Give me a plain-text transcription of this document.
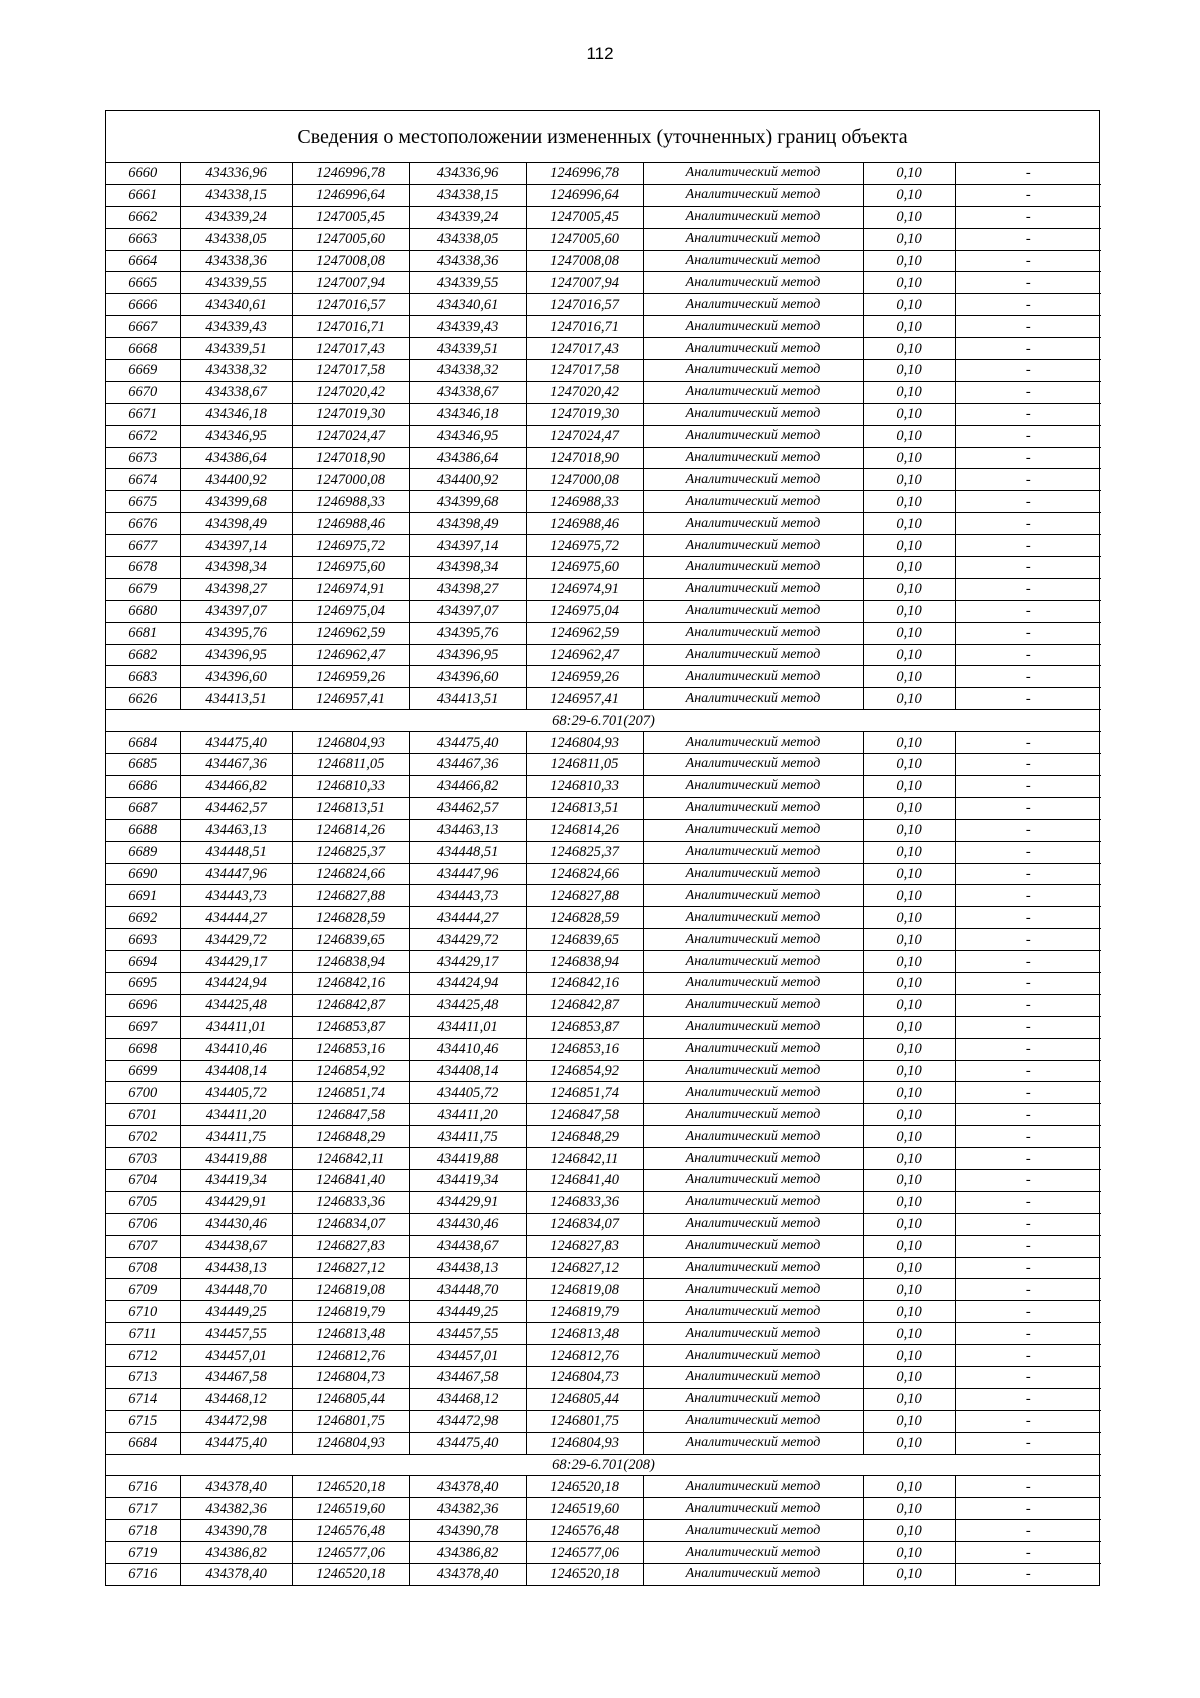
112
Сведения о местоположении измененных (уточненных) границ объекта
6660	434336,96	1246996,78	434336,96	1246996,78	Аналитический метод	0,10	-
6661	434338,15	1246996,64	434338,15	1246996,64	Аналитический метод	0,10	-
6662	434339,24	1247005,45	434339,24	1247005,45	Аналитический метод	0,10	-
6663	434338,05	1247005,60	434338,05	1247005,60	Аналитический метод	0,10	-
6664	434338,36	1247008,08	434338,36	1247008,08	Аналитический метод	0,10	-
6665	434339,55	1247007,94	434339,55	1247007,94	Аналитический метод	0,10	-
6666	434340,61	1247016,57	434340,61	1247016,57	Аналитический метод	0,10	-
6667	434339,43	1247016,71	434339,43	1247016,71	Аналитический метод	0,10	-
6668	434339,51	1247017,43	434339,51	1247017,43	Аналитический метод	0,10	-
6669	434338,32	1247017,58	434338,32	1247017,58	Аналитический метод	0,10	-
6670	434338,67	1247020,42	434338,67	1247020,42	Аналитический метод	0,10	-
6671	434346,18	1247019,30	434346,18	1247019,30	Аналитический метод	0,10	-
6672	434346,95	1247024,47	434346,95	1247024,47	Аналитический метод	0,10	-
6673	434386,64	1247018,90	434386,64	1247018,90	Аналитический метод	0,10	-
6674	434400,92	1247000,08	434400,92	1247000,08	Аналитический метод	0,10	-
6675	434399,68	1246988,33	434399,68	1246988,33	Аналитический метод	0,10	-
6676	434398,49	1246988,46	434398,49	1246988,46	Аналитический метод	0,10	-
6677	434397,14	1246975,72	434397,14	1246975,72	Аналитический метод	0,10	-
6678	434398,34	1246975,60	434398,34	1246975,60	Аналитический метод	0,10	-
6679	434398,27	1246974,91	434398,27	1246974,91	Аналитический метод	0,10	-
6680	434397,07	1246975,04	434397,07	1246975,04	Аналитический метод	0,10	-
6681	434395,76	1246962,59	434395,76	1246962,59	Аналитический метод	0,10	-
6682	434396,95	1246962,47	434396,95	1246962,47	Аналитический метод	0,10	-
6683	434396,60	1246959,26	434396,60	1246959,26	Аналитический метод	0,10	-
6626	434413,51	1246957,41	434413,51	1246957,41	Аналитический метод	0,10	-
68:29-6.701(207)							
6684	434475,40	1246804,93	434475,40	1246804,93	Аналитический метод	0,10	-
6685	434467,36	1246811,05	434467,36	1246811,05	Аналитический метод	0,10	-
6686	434466,82	1246810,33	434466,82	1246810,33	Аналитический метод	0,10	-
6687	434462,57	1246813,51	434462,57	1246813,51	Аналитический метод	0,10	-
6688	434463,13	1246814,26	434463,13	1246814,26	Аналитический метод	0,10	-
6689	434448,51	1246825,37	434448,51	1246825,37	Аналитический метод	0,10	-
6690	434447,96	1246824,66	434447,96	1246824,66	Аналитический метод	0,10	-
6691	434443,73	1246827,88	434443,73	1246827,88	Аналитический метод	0,10	-
6692	434444,27	1246828,59	434444,27	1246828,59	Аналитический метод	0,10	-
6693	434429,72	1246839,65	434429,72	1246839,65	Аналитический метод	0,10	-
6694	434429,17	1246838,94	434429,17	1246838,94	Аналитический метод	0,10	-
6695	434424,94	1246842,16	434424,94	1246842,16	Аналитический метод	0,10	-
6696	434425,48	1246842,87	434425,48	1246842,87	Аналитический метод	0,10	-
6697	434411,01	1246853,87	434411,01	1246853,87	Аналитический метод	0,10	-
6698	434410,46	1246853,16	434410,46	1246853,16	Аналитический метод	0,10	-
6699	434408,14	1246854,92	434408,14	1246854,92	Аналитический метод	0,10	-
6700	434405,72	1246851,74	434405,72	1246851,74	Аналитический метод	0,10	-
6701	434411,20	1246847,58	434411,20	1246847,58	Аналитический метод	0,10	-
6702	434411,75	1246848,29	434411,75	1246848,29	Аналитический метод	0,10	-
6703	434419,88	1246842,11	434419,88	1246842,11	Аналитический метод	0,10	-
6704	434419,34	1246841,40	434419,34	1246841,40	Аналитический метод	0,10	-
6705	434429,91	1246833,36	434429,91	1246833,36	Аналитический метод	0,10	-
6706	434430,46	1246834,07	434430,46	1246834,07	Аналитический метод	0,10	-
6707	434438,67	1246827,83	434438,67	1246827,83	Аналитический метод	0,10	-
6708	434438,13	1246827,12	434438,13	1246827,12	Аналитический метод	0,10	-
6709	434448,70	1246819,08	434448,70	1246819,08	Аналитический метод	0,10	-
6710	434449,25	1246819,79	434449,25	1246819,79	Аналитический метод	0,10	-
6711	434457,55	1246813,48	434457,55	1246813,48	Аналитический метод	0,10	-
6712	434457,01	1246812,76	434457,01	1246812,76	Аналитический метод	0,10	-
6713	434467,58	1246804,73	434467,58	1246804,73	Аналитический метод	0,10	-
6714	434468,12	1246805,44	434468,12	1246805,44	Аналитический метод	0,10	-
6715	434472,98	1246801,75	434472,98	1246801,75	Аналитический метод	0,10	-
6684	434475,40	1246804,93	434475,40	1246804,93	Аналитический метод	0,10	-
68:29-6.701(208)							
6716	434378,40	1246520,18	434378,40	1246520,18	Аналитический метод	0,10	-
6717	434382,36	1246519,60	434382,36	1246519,60	Аналитический метод	0,10	-
6718	434390,78	1246576,48	434390,78	1246576,48	Аналитический метод	0,10	-
6719	434386,82	1246577,06	434386,82	1246577,06	Аналитический метод	0,10	-
6716	434378,40	1246520,18	434378,40	1246520,18	Аналитический метод	0,10	-
